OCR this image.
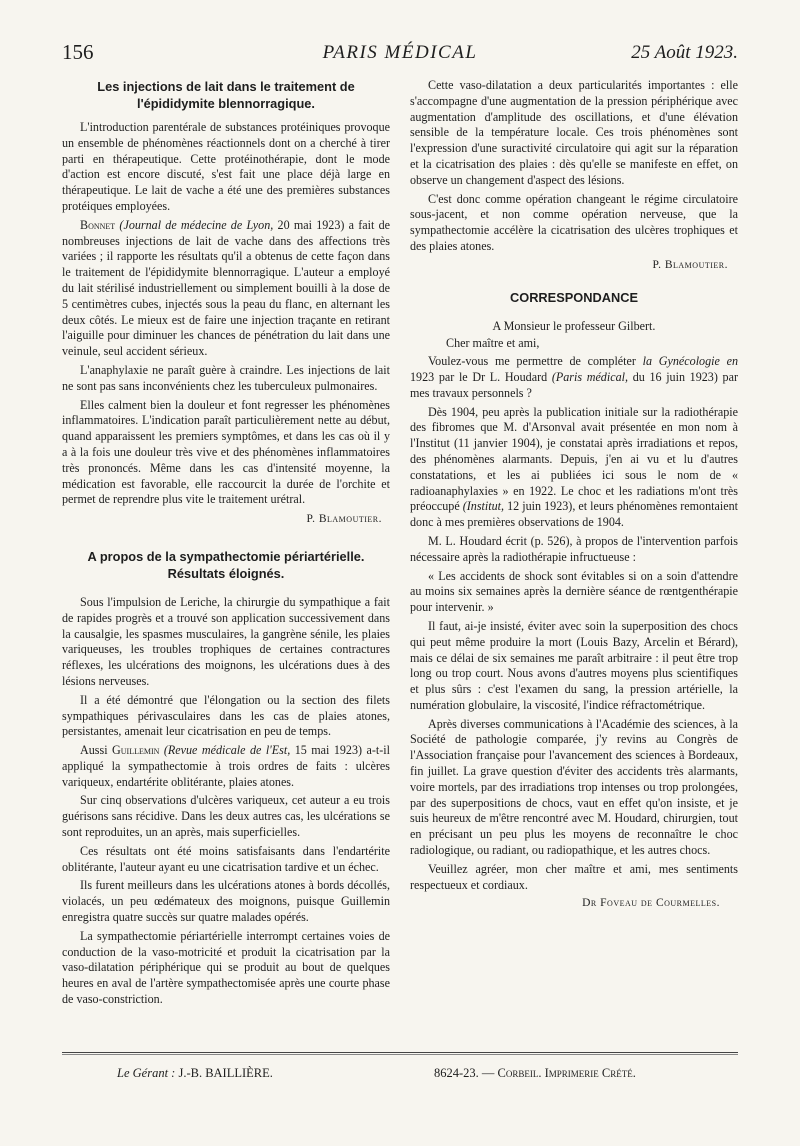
156	PARIS MÉDICAL	25 Août 1923.
Les injections de lait dans le traitement de l'épididymite blennorragique.

L'introduction parentérale de substances protéiniques provoque un ensemble de phénomènes réactionnels dont on a cherché à tirer parti en thérapeutique. Cette protéinothérapie, dont le mode d'action est encore discuté, s'est fait une place déjà large en thérapeutique. Le lait de vache a été une des premières substances protéiques employées.

Bonnet (Journal de médecine de Lyon, 20 mai 1923) a fait de nombreuses injections de lait de vache dans des affections très variées ; il rapporte les résultats qu'il a obtenus de cette façon dans le traitement de l'épididymite blennorragique. L'auteur a employé du lait stérilisé industriellement ou simplement bouilli à la dose de 5 centimètres cubes, injectés sous la peau du flanc, en alternant les deux côtés. Le mieux est de faire une injection traçante en retirant l'aiguille pour diminuer les chances de pénétration du lait dans une veinule, seul accident sérieux.

L'anaphylaxie ne paraît guère à craindre. Les injections de lait ne sont pas sans inconvénients chez les tuberculeux pulmonaires.

Elles calment bien la douleur et font regresser les phénomènes inflammatoires. L'indication paraît particulièrement nette au début, quand apparaissent les premiers symptômes, et dans les cas où il y a à la fois une douleur très vive et des phénomènes inflammatoires très prononcés. Même dans les cas d'intensité moyenne, la médication est favorable, elle raccourcit la durée de l'orchite et permet de reprendre plus vite le traitement urétral.

P. Blamoutier.
A propos de la sympathectomie périartérielle. Résultats éloignés.

Sous l'impulsion de Leriche, la chirurgie du sympathique a fait de rapides progrès et a trouvé son application successivement dans la causalgie, les spasmes musculaires, la gangrène sénile, les plaies variqueuses, les troubles trophiques de certaines contractures réflexes, les ulcérations des moignons, les ulcérations dues à des lésions nerveuses.

Il a été démontré que l'élongation ou la section des filets sympathiques périvasculaires dans les cas de plaies atones, persistantes, amenait leur cicatrisation en peu de temps.

Aussi Guillemin (Revue médicale de l'Est, 15 mai 1923) a-t-il appliqué la sympathectomie à trois ordres de faits : ulcères variqueux, endartérite oblitérante, plaies atones.

Sur cinq observations d'ulcères variqueux, cet auteur a eu trois guérisons sans récidive. Dans les deux autres cas, les ulcérations se sont reproduites, un an après, mais superficielles.

Ces résultats ont été moins satisfaisants dans l'endartérite oblitérante, l'auteur ayant eu une cicatrisation tardive et un échec.

Ils furent meilleurs dans les ulcérations atones à bords décollés, violacés, un peu œdémateux des moignons, puisque Guillemin enregistra quatre succès sur quatre malades opérés.

La sympathectomie périartérielle interrompt certaines voies de conduction de la vaso-motricité et produit la cicatrisation par la vaso-dilatation périphérique qui se produit au bout de quelques heures en aval de l'artère sympathectomisée après une courte phase de vaso-constriction.

Cette vaso-dilatation a deux particularités importantes : elle s'accompagne d'une augmentation de la pression périphérique avec augmentation d'amplitude des oscillations, et d'une élévation sensible de la température locale. Ces trois phénomènes sont l'expression d'une suractivité circulatoire qui agit sur la réparation et la cicatrisation des plaies : dès qu'elle se manifeste en effet, on observe un changement d'aspect des lésions.

C'est donc comme opération changeant le régime circulatoire sous-jacent, et non comme opération nerveuse, que la sympathectomie accélère la cicatrisation des ulcères trophiques et des plaies atones.

P. Blamoutier.
CORRESPONDANCE
A Monsieur le professeur Gilbert.
Cher maître et ami,

Voulez-vous me permettre de compléter la Gynécologie en 1923 par le Dr L. Houdard (Paris médical, du 16 juin 1923) par mes travaux personnels ?

Dès 1904, peu après la publication initiale sur la radiothérapie des fibromes que M. d'Arsonval avait présentée en mon nom à l'Institut (11 janvier 1904), je constatai après irradiations et repos, des phénomènes alarmants. Depuis, j'en ai vu et lu d'autres constatations, et les ai publiées ici sous le nom de « radioanaphylaxies » en 1922. Le choc et les radiations m'ont très préoccupé (Institut, 12 juin 1923), et leurs phénomènes remontaient donc à mes premières observations de 1904.

M. L. Houdard écrit (p. 526), à propos de l'intervention parfois nécessaire après la radiothérapie infructueuse :

« Les accidents de shock sont évitables si on a soin d'attendre au moins six semaines après la dernière séance de rœntgenthérapie pour intervenir. »

Il faut, ai-je insisté, éviter avec soin la superposition des chocs qui peut même produire la mort (Louis Bazy, Arcelin et Bérard), mais ce délai de six semaines me paraît arbitraire : il peut être trop long ou trop court. Nous avons d'autres moyens plus scientifiques et plus sûrs : c'est l'examen du sang, la pression artérielle, la numération globulaire, la viscosité, l'indice réfractométrique.

Après diverses communications à l'Académie des sciences, à la Société de pathologie comparée, j'y revins au Congrès de l'Association française pour l'avancement des sciences à Bordeaux, fin juillet. La grave question d'éviter des accidents très alarmants, voire mortels, par des irradiations trop intenses ou trop prolongées, par des superpositions de chocs, vaut en effet qu'on insiste, et je suis heureux de m'être rencontré avec M. Houdard, chirurgien, tout en précisant un peu plus les moyens de reconnaître le choc radiologique, ou radiant, ou radiopathique, et les autres chocs.

Veuillez agréer, mon cher maître et ami, mes sentiments respectueux et cordiaux.

Dr Foveau de Courmelles.
Le Gérant : J.-B. BAILLIÈRE.	8624-23. — Corbeil. Imprimerie Crété.
